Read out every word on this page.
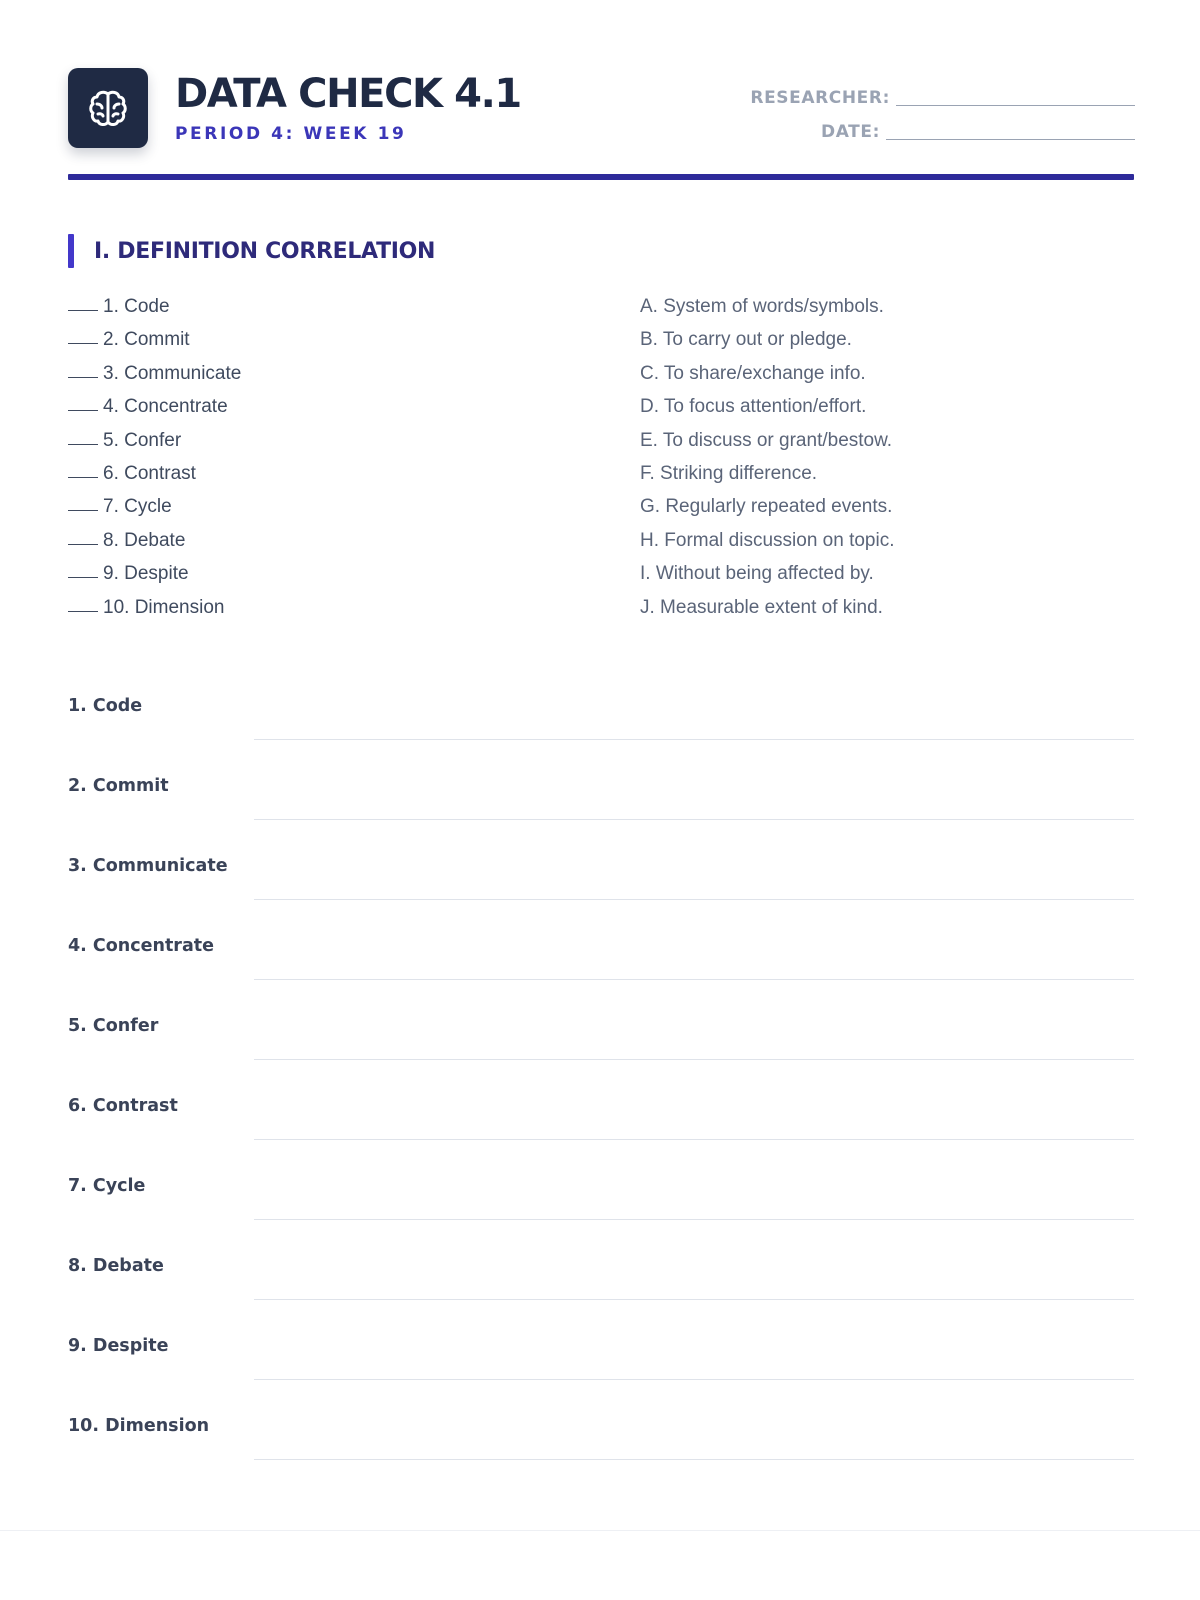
DATA CHECK 4.1
PERIOD 4: WEEK 19
RESEARCHER:
DATE:
I. DEFINITION CORRELATION
1. Code
2. Commit
3. Communicate
4. Concentrate
5. Confer
6. Contrast
7. Cycle
8. Debate
9. Despite
10. Dimension
A. System of words/symbols.
B. To carry out or pledge.
C. To share/exchange info.
D. To focus attention/effort.
E. To discuss or grant/bestow.
F. Striking difference.
G. Regularly repeated events.
H. Formal discussion on topic.
I. Without being affected by.
J. Measurable extent of kind.
1. Code
2. Commit
3. Communicate
4. Concentrate
5. Confer
6. Contrast
7. Cycle
8. Debate
9. Despite
10. Dimension
